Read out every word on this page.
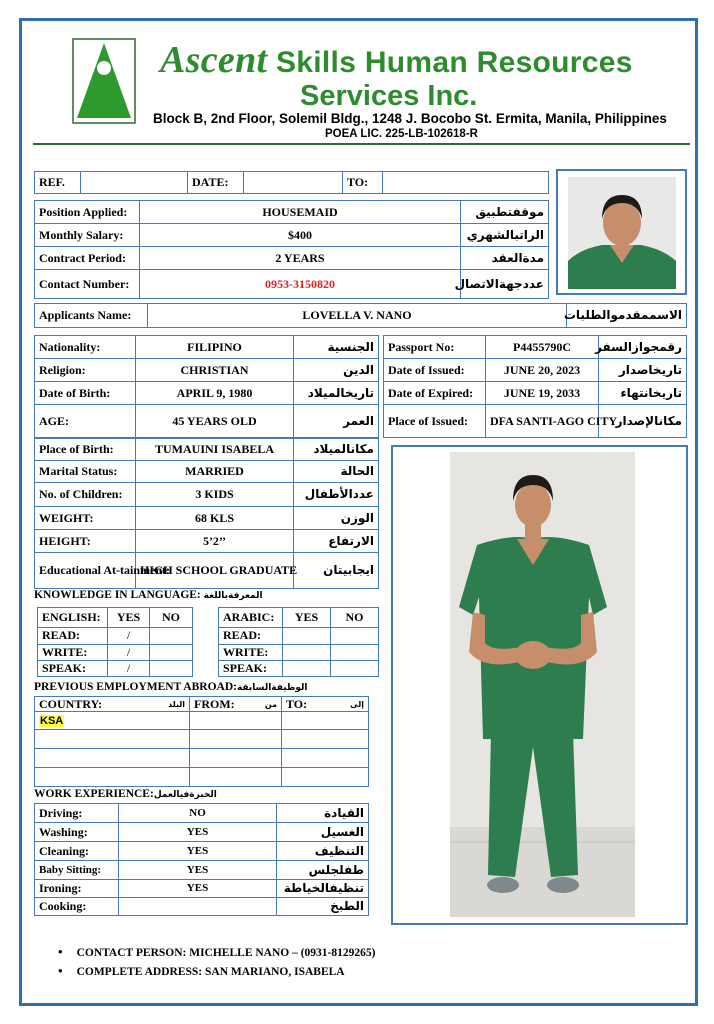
Ascent Skills Human Resources
Services Inc.
Block B, 2nd Floor, Solemil Bldg., 1248 J. Bocobo St. Ermita, Manila, Philippines
POEA LIC. 225-LB-102618-R
REF.		DATE:		TO:	
Position Applied:	HOUSEMAID	موقفتطبيق
Monthly Salary:	$400	الراتبالشهري
Contract Period:	2 YEARS	مدةالعقد
Contact Number:	0953-3150820	عددجهةالاتصال
Applicants Name:	LOVELLA V. NANO	الاسممقدموالطلبات
Nationality:	FILIPINO	الجنسية
Religion:	CHRISTIAN	الدين
Date of Birth:	APRIL 9, 1980	تاريخالميلاد
AGE:	45 YEARS OLD	العمر
Passport No:	P4455790C	رقمجوازالسفر
Date of Issued:	JUNE 20, 2023	تاريخاصدار
Date of Expired:	JUNE 19, 2033	تاريخانتهاء
Place of Issued:	DFA SANTI-AGO CITY	مكانالإصدار
Place of Birth:	TUMAUINI ISABELA	مكانالميلاد
Marital Status:	MARRIED	الحالة
No. of Children:	3 KIDS	عددالأطفال
WEIGHT:	68 KLS	الوزن
HEIGHT:	5’2’’	الارتفاع
Educational At-tainment:	HIGH SCHOOL GRADUATE	ايجابيتان
KNOWLEDGE IN LANGUAGE: المعرفةباللغة
ENGLISH:	YES	NO
READ:	/	
WRITE:	/	
SPEAK:	/	
ARABIC:	YES	NO
READ:		
WRITE:		
SPEAK:		
PREVIOUS EMPLOYMENT ABROAD:الوظيفةالسابقة
COUNTRY: البلد	FROM: من	TO: إلى

KSA		

WORK EXPERIENCE:الخبرةفيالعمل
Driving:	NO	القيادة
Washing:	YES	الغسيل
Cleaning:	YES	التنظيف
Baby Sitting:	YES	طفلجلس
Ironing:	YES	تنظيفالخياطة
Cooking:		الطبخ
• CONTACT PERSON: MICHELLE NANO – (0931-8129265)
• COMPLETE ADDRESS: SAN MARIANO, ISABELA
